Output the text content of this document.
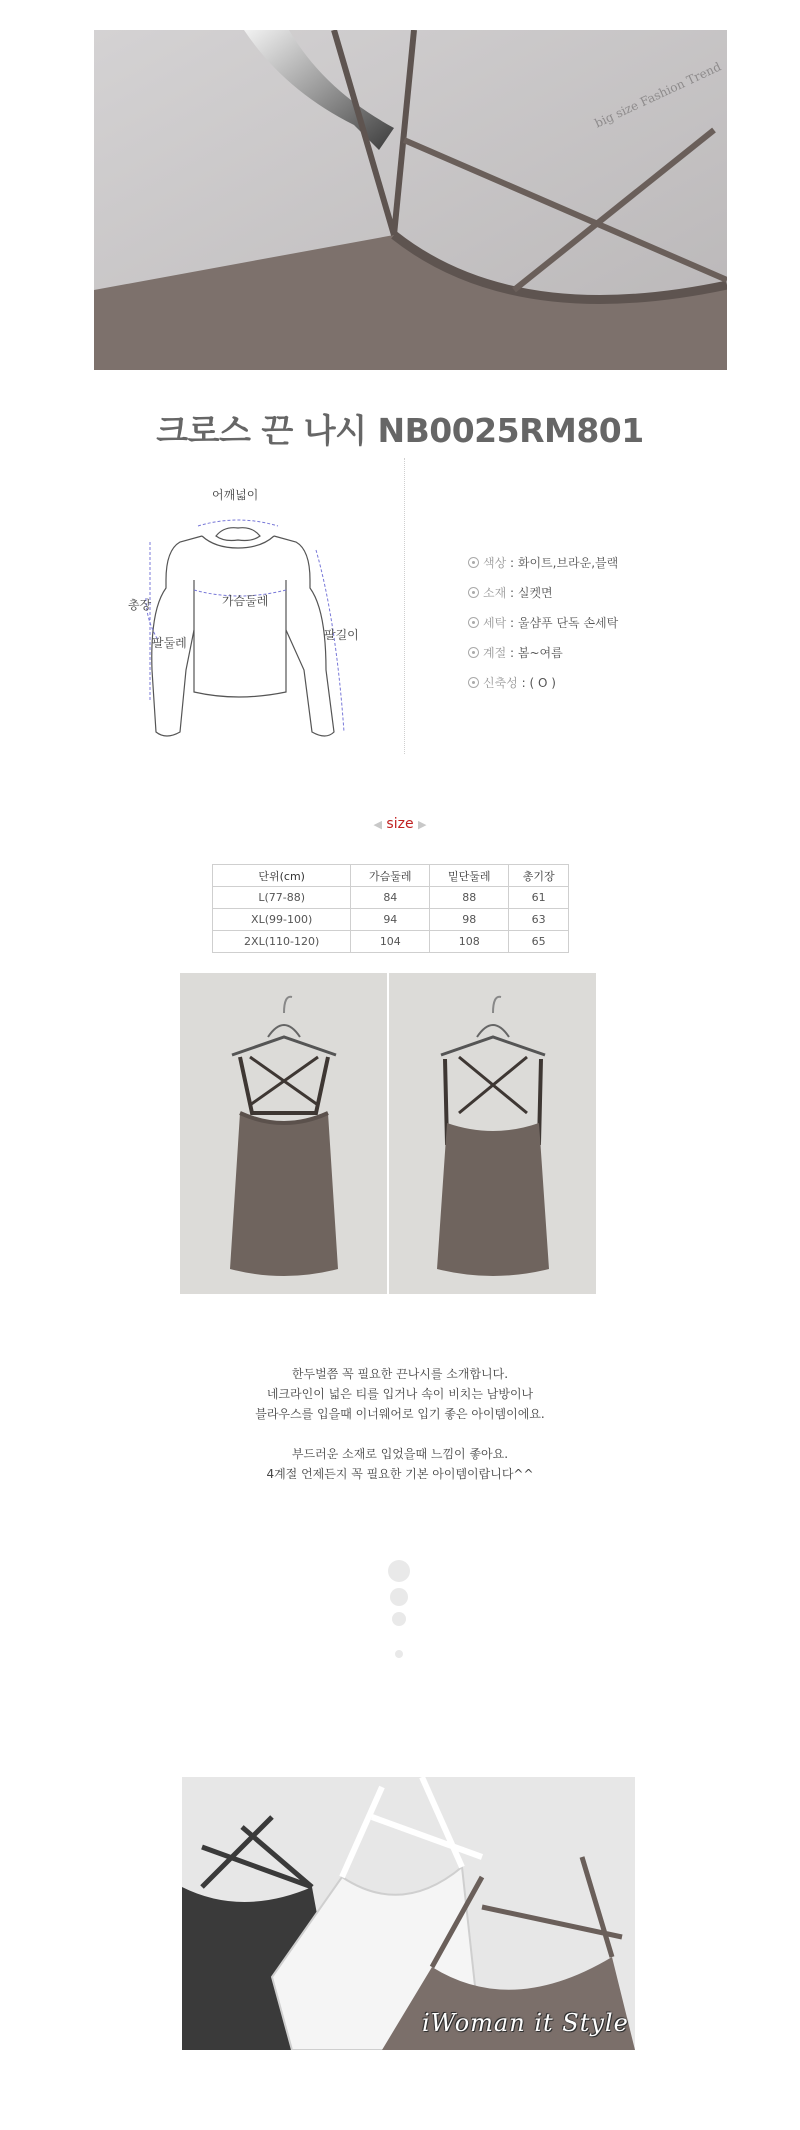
big size Fashion Trend
크로스 끈 나시 NB0025RM801
어깨넓이
총장	가슴둘레
팔둘레
팔길이
색상 : 화이트,브라운,블랙
소재 : 실켓면
세탁 : 울샴푸 단독 손세탁
계절 : 봄~여름
신축성 : ( O )
◀ size ▶
단위(cm)	가슴둘레	밑단둘레	총기장
L(77-88)	84	88	61
XL(99-100)	94	98	63
2XL(110-120)	104	108	65

한두벌쯤 꼭 필요한 끈나시를 소개합니다.

네크라인이 넓은 티를 입거나 속이 비치는 남방이나

블라우스를 입을때 이너웨어로 입기 좋은 아이템이에요.

부드러운 소재로 입었을때 느낌이 좋아요.

4계절 언제든지 꼭 필요한 기본 아이템이랍니다^^

iWoman it Style
